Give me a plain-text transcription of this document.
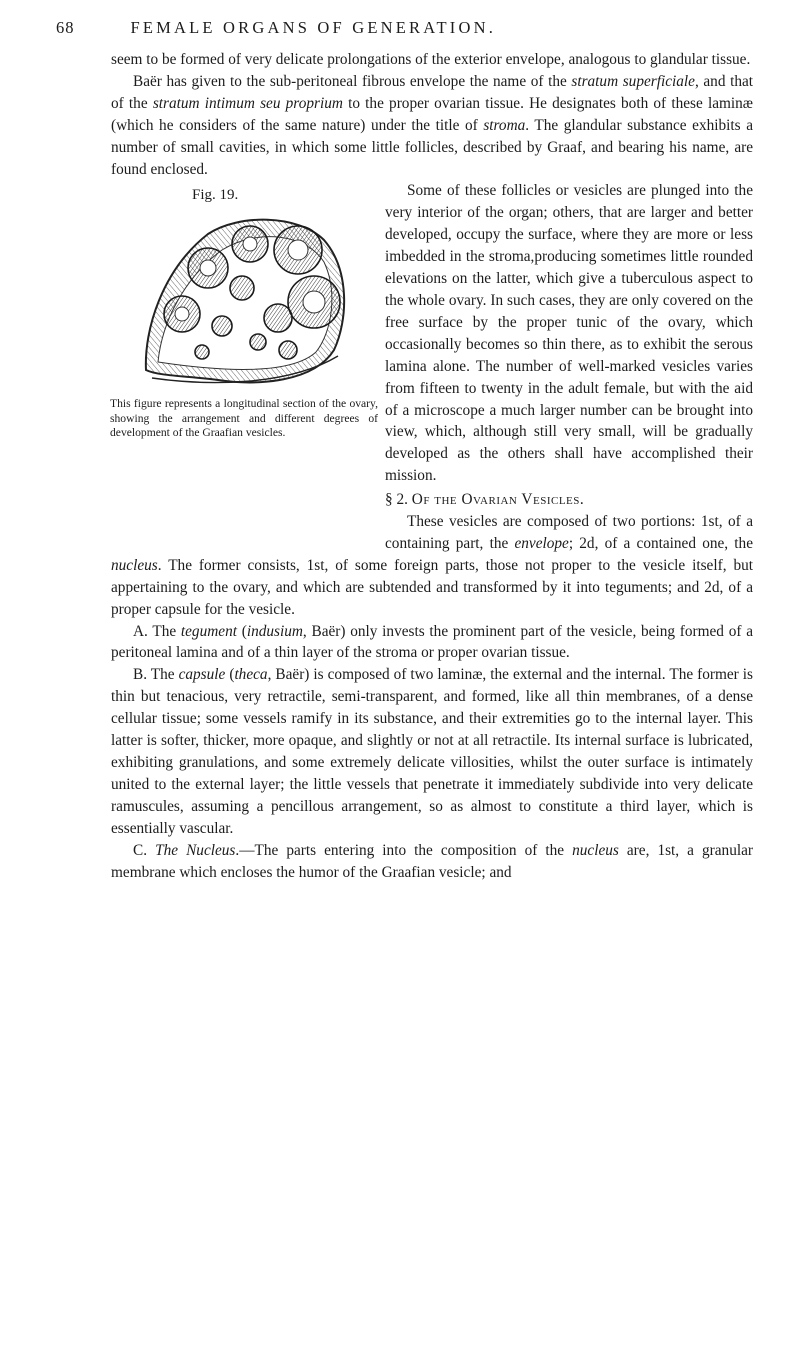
68	FEMALE ORGANS OF GENERATION.

seem to be formed of very delicate prolongations of the exterior envelope, analogous to glandular tissue.

Baër has given to the sub-peritoneal fibrous envelope the name of the stratum superficiale, and that of the stratum intimum seu proprium to the proper ovarian tissue. He designates both of these laminæ (which he considers of the same nature) under the title of stroma. The glandular substance exhibits a number of small cavities, in which some little follicles, described by Graaf, and bearing his name, are found enclosed.

Fig. 19.
This figure represents a longitudinal section of the ovary, showing the arrangement and different degrees of development of the Graafian vesicles.

Some of these follicles or vesicles are plunged into the very interior of the organ; others, that are larger and better developed, occupy the surface, where they are more or less imbedded in the stroma,producing sometimes little rounded elevations on the latter, which give a tuberculous aspect to the whole ovary. In such cases, they are only covered on the free surface by the proper tunic of the ovary, which occasionally becomes so thin there, as to exhibit the serous lamina alone. The number of well-marked vesicles varies from fifteen to twenty in the adult female, but with the aid of a microscope a much larger number can be brought into view, which, although still very small, will be gradually developed as the others shall have accomplished their mission.

§ 2. Of the Ovarian Vesicles.

These vesicles are composed of two portions: 1st, of a containing part, the envelope; 2d, of a contained one, the nucleus. The former consists, 1st, of some foreign parts, those not proper to the vesicle itself, but appertaining to the ovary, and which are subtended and transformed by it into teguments; and 2d, of a proper capsule for the vesicle.

A. The tegument (indusium, Baër) only invests the prominent part of the vesicle, being formed of a peritoneal lamina and of a thin layer of the stroma or proper ovarian tissue.

B. The capsule (theca, Baër) is composed of two laminæ, the external and the internal. The former is thin but tenacious, very retractile, semi-transparent, and formed, like all thin membranes, of a dense cellular tissue; some vessels ramify in its substance, and their extremities go to the internal layer. This latter is softer, thicker, more opaque, and slightly or not at all retractile. Its internal surface is lubricated, exhibiting granulations, and some extremely delicate villosities, whilst the outer surface is intimately united to the external layer; the little vessels that penetrate it immediately subdivide into very delicate ramuscules, assuming a pencillous arrangement, so as almost to constitute a third layer, which is essentially vascular.

C. The Nucleus.—The parts entering into the composition of the nucleus are, 1st, a granular membrane which encloses the humor of the Graafian vesicle; and
